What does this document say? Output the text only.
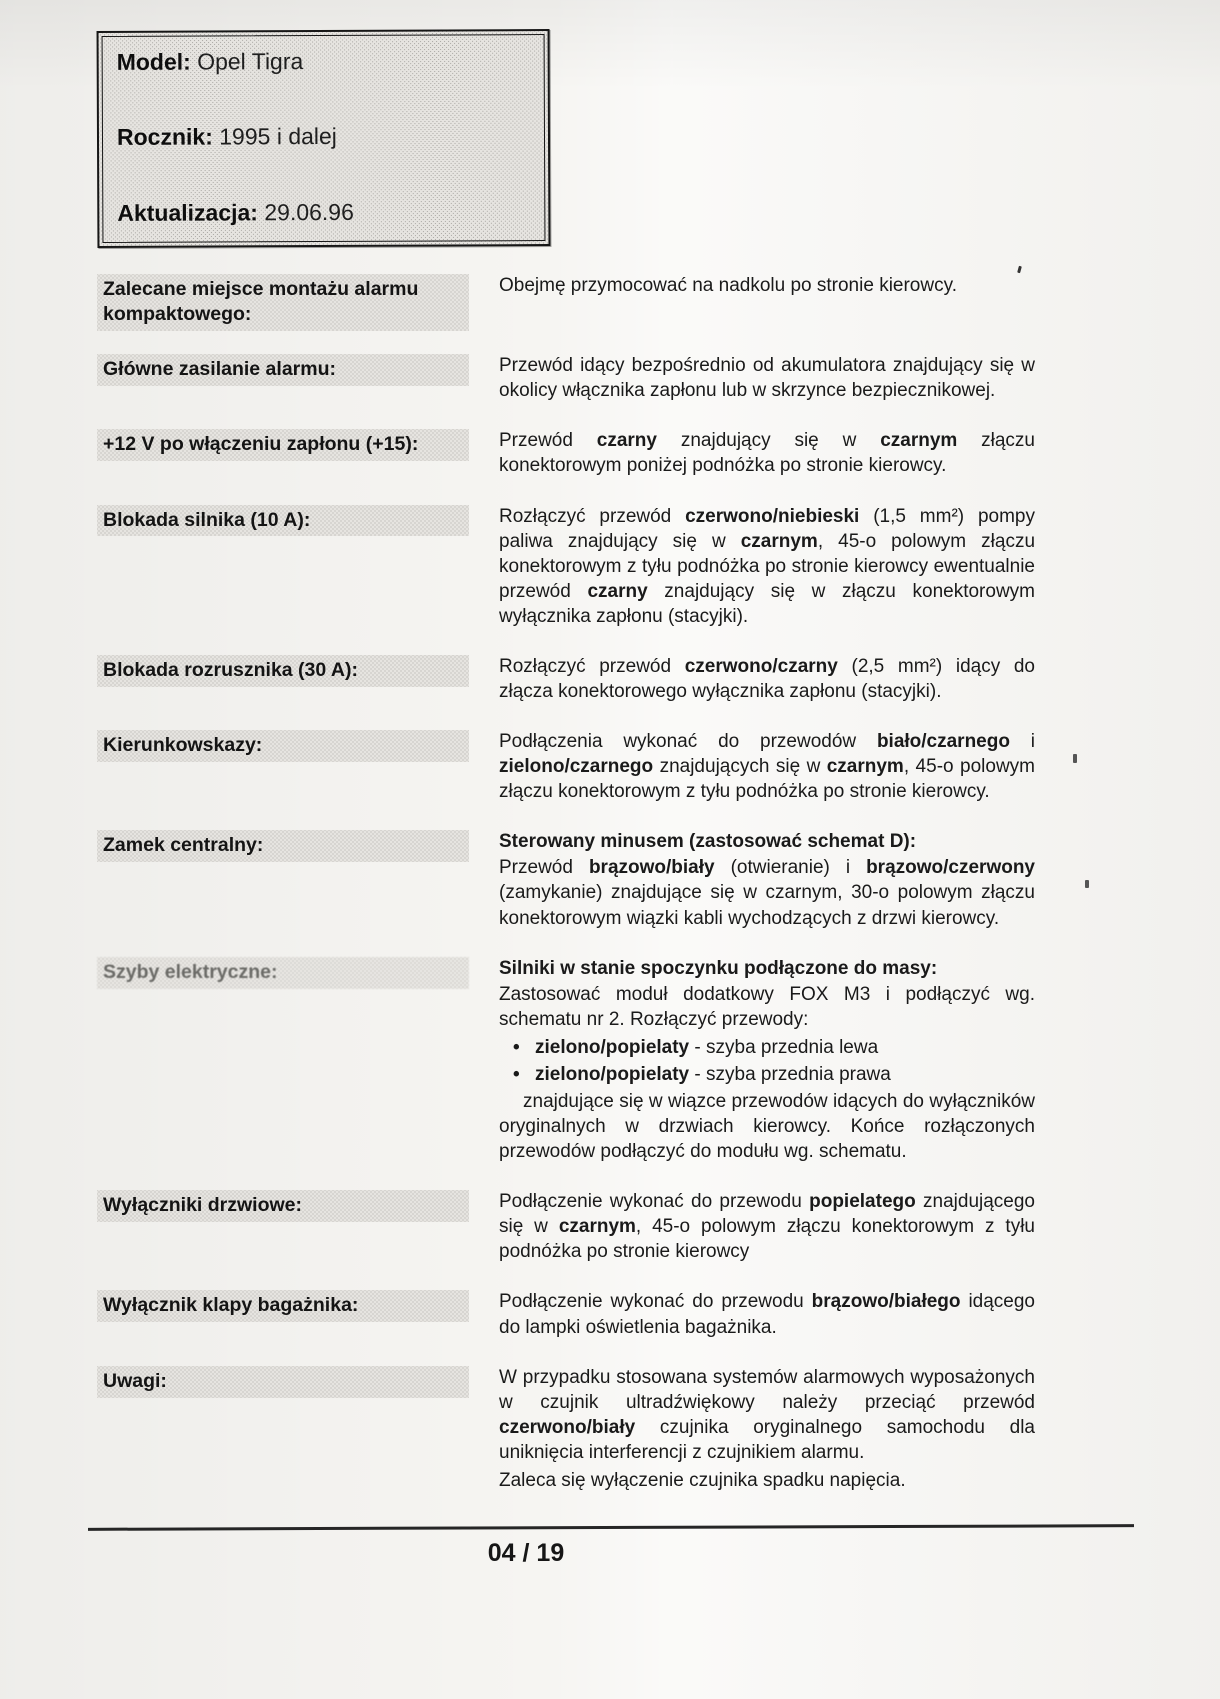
Model: Opel Tigra

Rocznik: 1995 i dalej

Aktualizacja: 29.06.96

Zalecane miejsce montażu alarmu kompaktowego:

Obejmę przymocować na nadkolu po stronie kierowcy.

Główne zasilanie alarmu:	Przewód idący bezpośrednio od akumulatora znajdujący się w okolicy włącznika zapłonu lub w skrzynce bezpiecznikowej.

+12 V po włączeniu zapłonu (+15):	Przewód czarny znajdujący się w czarnym złączu konektorowym poniżej podnóżka po stronie kierowcy.

Blokada silnika (10 A):	Rozłączyć przewód czerwono/niebieski (1,5 mm²) pompy paliwa znajdujący się w czarnym, 45-o polowym złączu konektorowym z tyłu podnóżka po stronie kierowcy ewentualnie przewód czarny znajdujący się w złączu konektorowym wyłącznika zapłonu (stacyjki).

Blokada rozrusznika (30 A):	Rozłączyć przewód czerwono/czarny (2,5 mm²) idący do złącza konektorowego wyłącznika zapłonu (stacyjki).

Kierunkowskazy:	Podłączenia wykonać do przewodów biało/czarnego i zielono/czarnego znajdujących się w czarnym, 45-o polowym złączu konektorowym z tyłu podnóżka po stronie kierowcy.

Zamek centralny:	Sterowany minusem (zastosować schemat D):

Przewód brązowo/biały (otwieranie) i brązowo/czerwony (zamykanie) znajdujące się w czarnym, 30-o polowym złączu konektorowym wiązki kabli wychodzących z drzwi kierowcy.

Szyby elektryczne:	Silniki w stanie spoczynku podłączone do masy:

Zastosować moduł dodatkowy FOX M3 i podłączyć wg. schematu nr 2. Rozłączyć przewody:

• zielono/popielaty - szyba przednia lewa
• zielono/popielaty - szyba przednia prawa

znajdujące się w wiązce przewodów idących do wyłączników oryginalnych w drzwiach kierowcy. Końce rozłączonych przewodów podłączyć do modułu wg. schematu.

Wyłączniki drzwiowe:	Podłączenie wykonać do przewodu popielatego znajdującego się w czarnym, 45-o polowym złączu konektorowym z tyłu podnóżka po stronie kierowcy

Wyłącznik klapy bagażnika:	Podłączenie wykonać do przewodu brązowo/białego idącego do lampki oświetlenia bagażnika.

Uwagi:	W przypadku stosowana systemów alarmowych wyposażonych w czujnik ultradźwiękowy należy przeciąć przewód czerwono/biały czujnika oryginalnego samochodu dla uniknięcia interferencji z czujnikiem alarmu.

Zaleca się wyłączenie czujnika spadku napięcia.

04 / 19
